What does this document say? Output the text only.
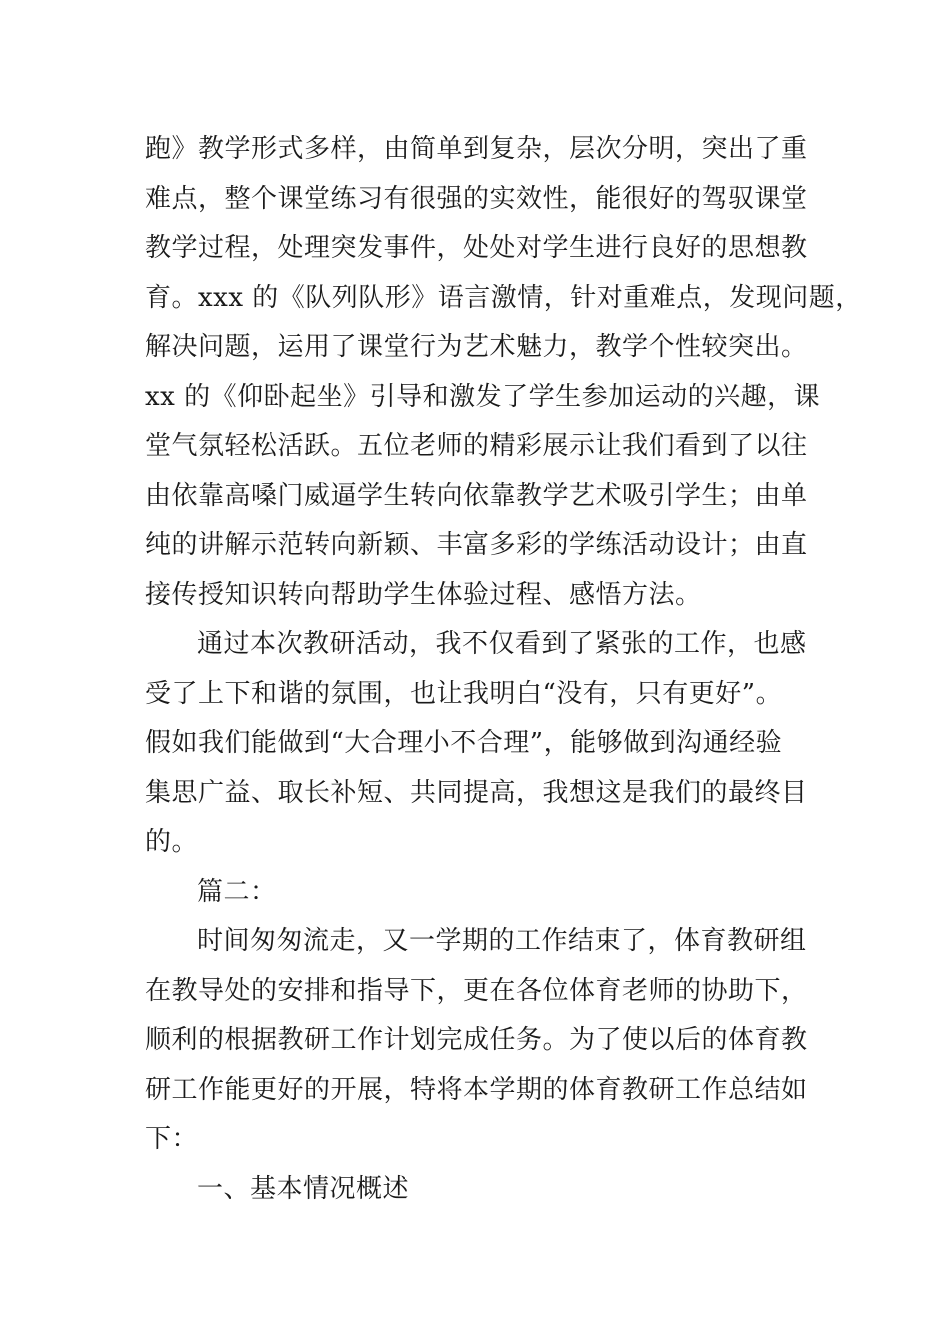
跑》教学形式多样，由简单到复杂，层次分明，突出了重
难点，整个课堂练习有很强的实效性，能很好的驾驭课堂
教学过程，处理突发事件，处处对学生进行良好的思想教
育。xxx 的《队列队形》语言激情，针对重难点，发现问题，
解决问题，运用了课堂行为艺术魅力，教学个性较突出。
xx 的《仰卧起坐》引导和激发了学生参加运动的兴趣，课
堂气氛轻松活跃。五位老师的精彩展示让我们看到了以往
由依靠高嗓门威逼学生转向依靠教学艺术吸引学生；由单
纯的讲解示范转向新颖、丰富多彩的学练活动设计；由直
接传授知识转向帮助学生体验过程、感悟方法。
通过本次教研活动，我不仅看到了紧张的工作，也感
受了上下和谐的氛围，也让我明白“没有，只有更好”。
假如我们能做到“大合理小不合理”，能够做到沟通经验
集思广益、取长补短、共同提高，我想这是我们的最终目
的。
篇二：
时间匆匆流走，又一学期的工作结束了，体育教研组
在教导处的安排和指导下，更在各位体育老师的协助下，
顺利的根据教研工作计划完成任务。为了使以后的体育教
研工作能更好的开展，特将本学期的体育教研工作总结如
下：
一、基本情况概述
